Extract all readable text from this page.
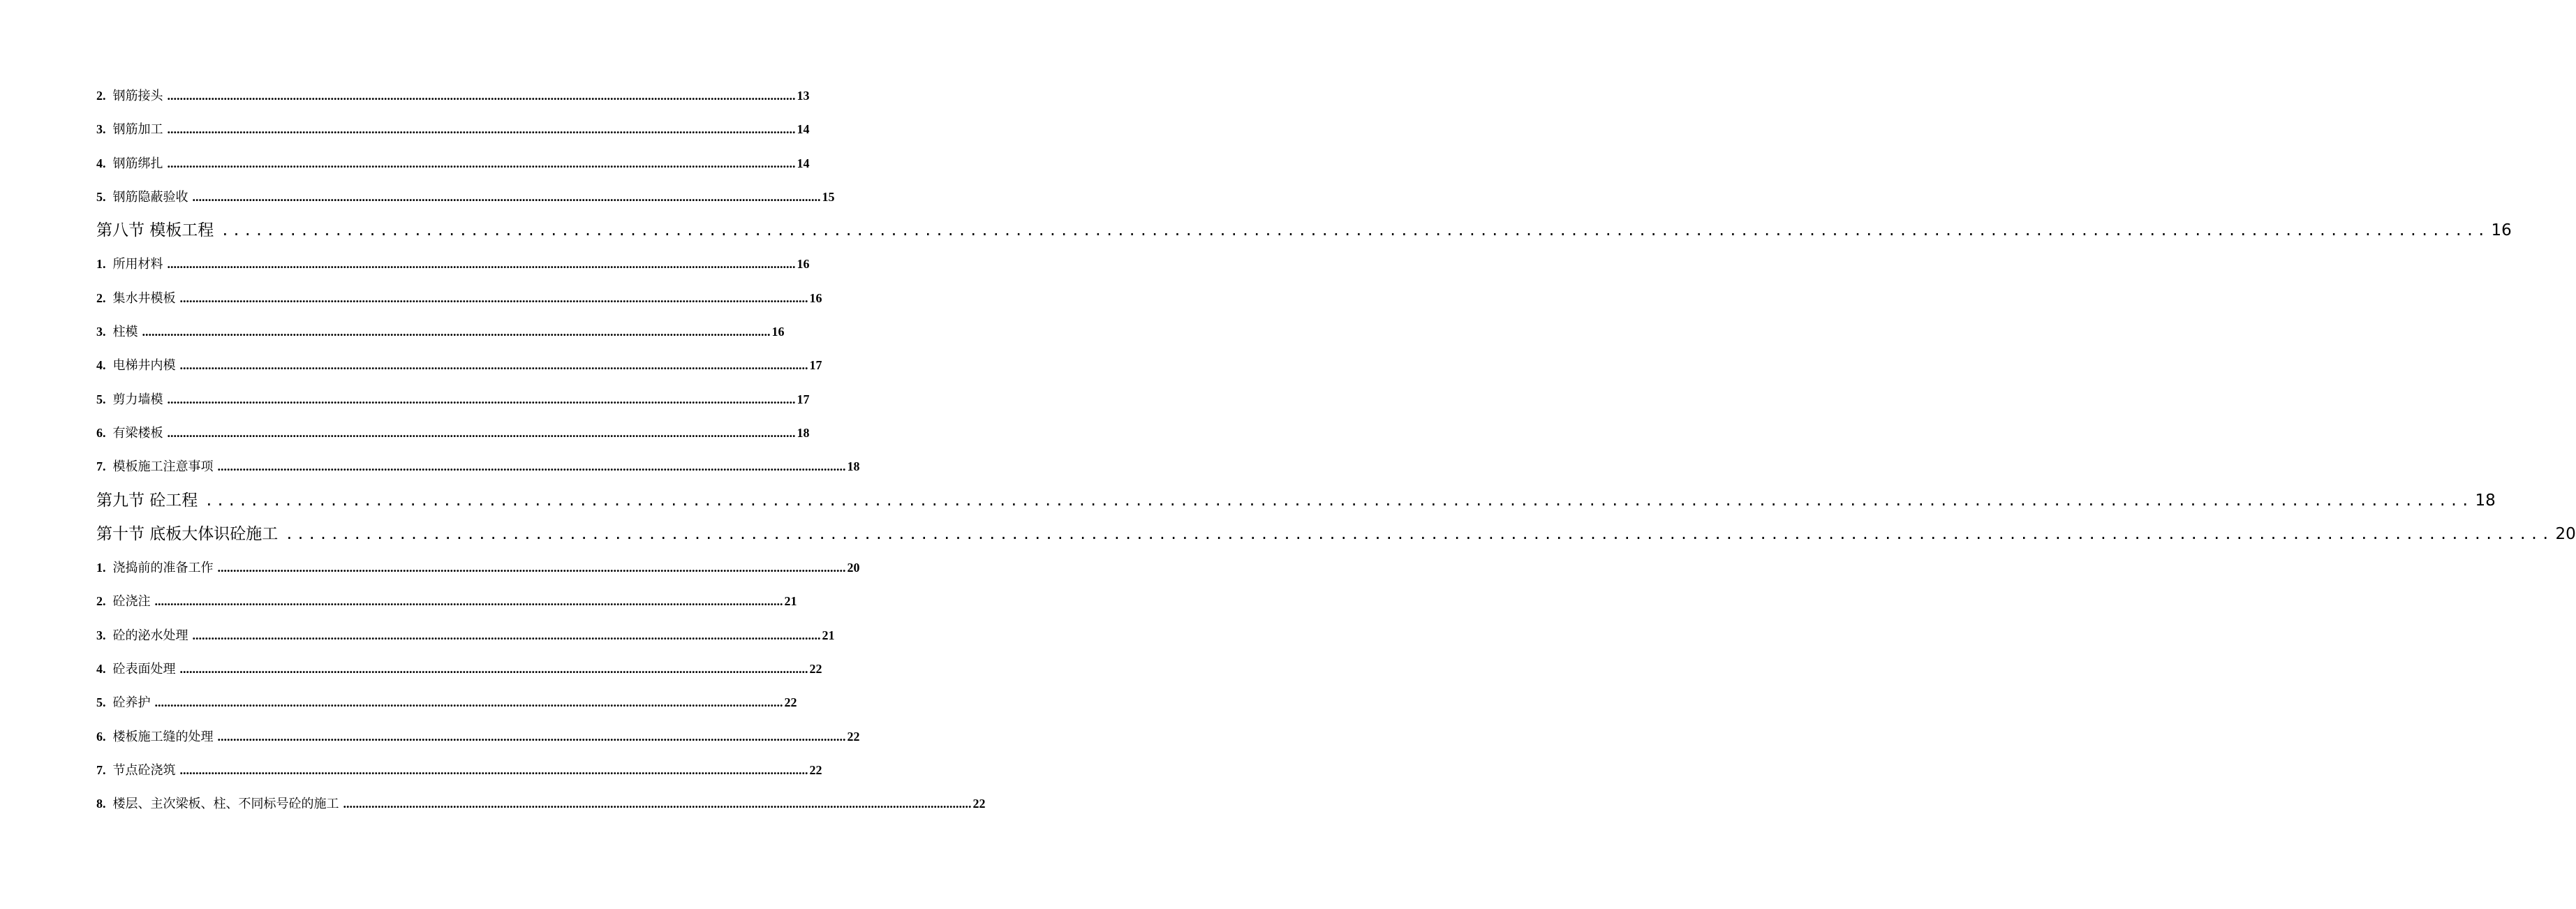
2. 钢筋接头 ........................................................................................................................................................................................................ 13
3. 钢筋加工 ........................................................................................................................................................................................................ 14
4. 钢筋绑扎 ........................................................................................................................................................................................................ 14
5. 钢筋隐蔽验收 ........................................................................................................................................................................................................ 15
第八节 模板工程 ........................................................................................................................................................................................................ 16
1. 所用材料 ........................................................................................................................................................................................................ 16
2. 集水井模板 ........................................................................................................................................................................................................ 16
3. 柱模 ........................................................................................................................................................................................................ 16
4. 电梯井内模 ........................................................................................................................................................................................................ 17
5. 剪力墙模 ........................................................................................................................................................................................................ 17
6. 有梁楼板 ........................................................................................................................................................................................................ 18
7. 模板施工注意事项 ........................................................................................................................................................................................................ 18
第九节 砼工程 ........................................................................................................................................................................................................ 18
第十节 底板大体识砼施工 ........................................................................................................................................................................................................ 20
1. 浇捣前的准备工作 ........................................................................................................................................................................................................ 20
2. 砼浇注 ........................................................................................................................................................................................................ 21
3. 砼的泌水处理 ........................................................................................................................................................................................................ 21
4. 砼表面处理 ........................................................................................................................................................................................................ 22
5. 砼养护 ........................................................................................................................................................................................................ 22
6. 楼板施工缝的处理 ........................................................................................................................................................................................................ 22
7. 节点砼浇筑 ........................................................................................................................................................................................................ 22
8. 楼层、主次梁板、柱、不同标号砼的施工 ........................................................................................................................................................................................................ 22
